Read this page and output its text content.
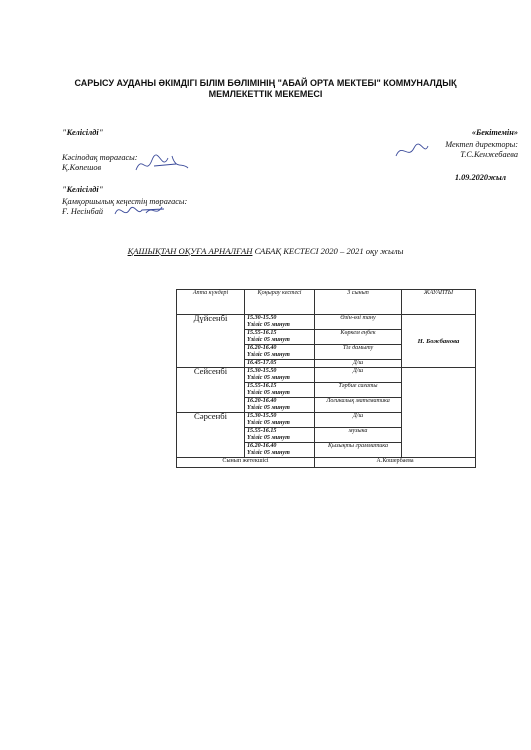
САРЫСУ АУДАНЫ ӘКІМДІГІ БІЛІМ БӨЛІМІНІҢ "АБАЙ ОРТА МЕКТЕБІ" КОММУНАЛДЫҚ
МЕМЛЕКЕТТІК МЕКЕМЕСІ
"Келісілді"
Кәсіподақ төрағасы:
Қ.Көпешов
"Келісілді"
Қамқоршылық кеңестің төрағасы:
Ғ. Несінбай
«Бекітемін»
Мектеп директоры:
Т.С.Кенжебаева
1.09.2020жыл
ҚАШЫҚТАН ОҚУҒА АРНАЛҒАН САБАҚ КЕСТЕСІ 2020 – 2021 оқу жылы
Апта күндері	Қоңырау кестесі	3 сынып	ЖАУАПТЫ
Дүйсенбі	15.30-15.50
Үзіліс 05 минут	Өзін-өзі тану	Н. Божбанова
	15.55-16.15
Үзіліс 05 минут	Көркем еңбек	
	16.20-16.40
Үзіліс 05 минут	Тіл дамыту	
	16.45-17.05	Д/ш	
Сейсенбі	15.30-15.50
Үзіліс 05 минут	Д/ш	
	15.55-16.15
Үзіліс 05 минут	Тәрбие сағаты	
	16.20-16.40
Үзіліс 05 минут	Логикалық математика	
Сәрсенбі	15.30-15.50
Үзіліс 05 минут	Д/ш	
	15.55-16.15
Үзіліс 05 минут	музыка	
	16.20-16.40
Үзіліс 05 минут	Қызықты грамматика	
Сынып жетекшісі		А.Кошербаева	
